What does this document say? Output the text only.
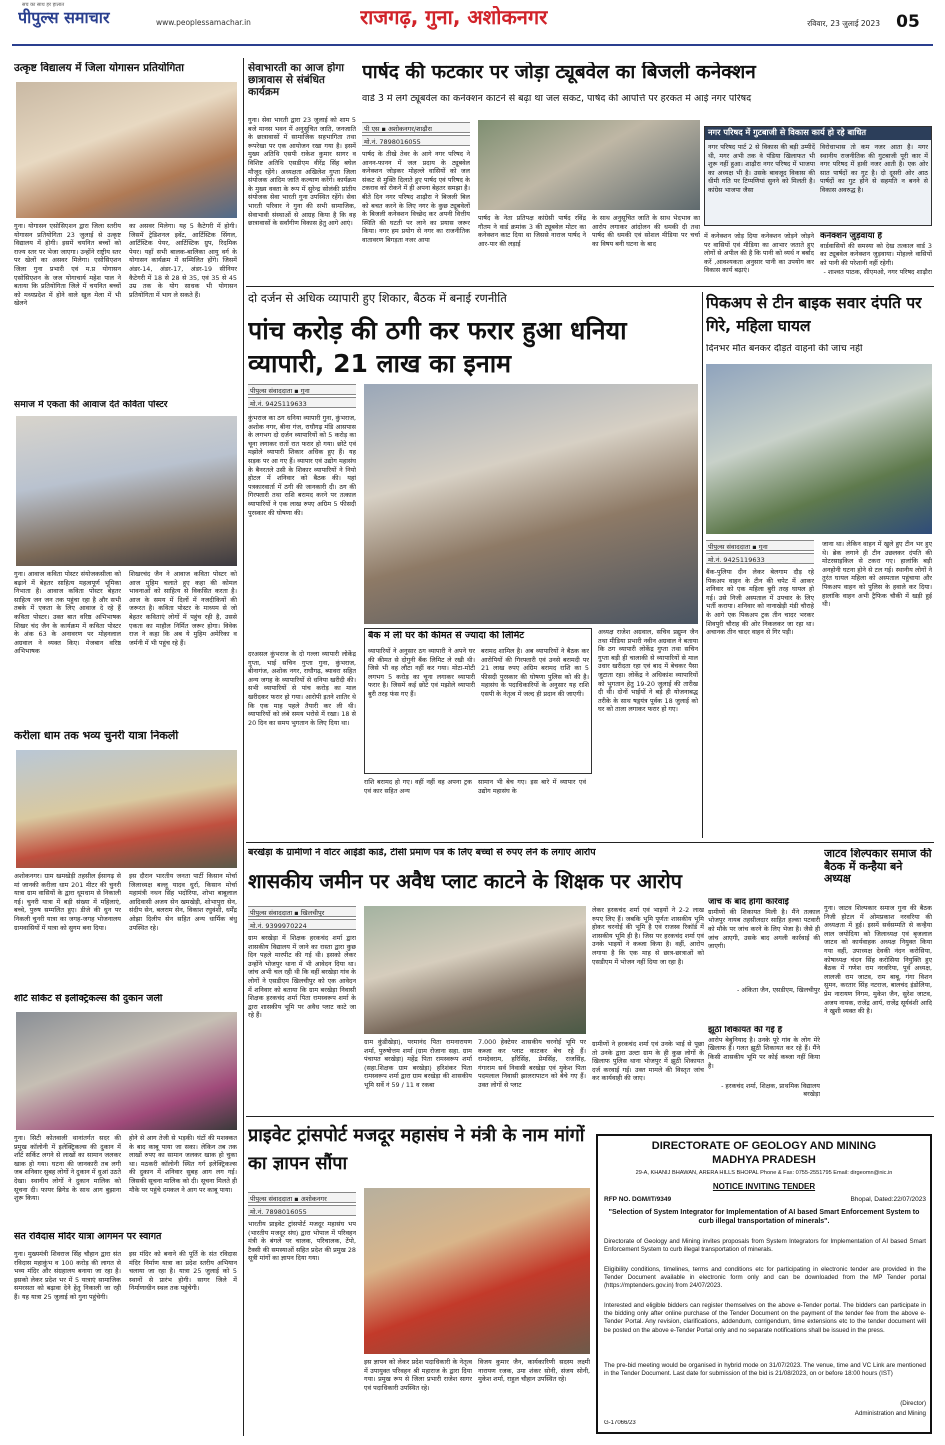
पीपुल्स समाचार
सच का साथ हर हालात
www.peoplessamachar.in	राजगढ़, गुना, अशोकनगर	रविवार, 23 जुलाई 2023 05
उत्कृष्ट विद्यालय में जिला योगासन प्रतियोगिता
गुना। योगासन एसोसिएशन द्वारा जिला स्तरीय योगासन प्रतियोगिता 23 जुलाई से उत्कृष्ट विद्यालय में होगी। इसमें चयनित बच्चों को राज्य स्तर पर भेजा जाएगा। उन्होंने राष्ट्रीय स्तर पर खेलों का असवर मिलेगा। एसोसिएशन जिला गुना प्रभारी एवं म.प्र योगासन एसोसिएशन के जज योगाचार्य महेश पाल ने बताया कि प्रतियोगिता जिले में चयनित बच्चों को मध्यप्रदेश में होने वाले खुल मेला में भी खेलने
का असवर मिलेगा। यह 5 कैटेगरी में होगी। जिसमें ट्रेडिशनल इवेंट, आर्टिस्टिक सिंगल, आर्टिस्टिक पेयर, आर्टिस्टिक ग्रुप, रिदमिक पेयर। यहाँ सभी बालक-बालिका आयु वर्ग के योगासन कार्यक्रम में सम्मिलित होंगे। जिसमें अंडर-14, अंडर-17, अंडर-19 सीनियर कैटेगरी में 18 से 28 से 35, एवं 35 से 45 उम्र तक के योग साधक भी योगासन प्रतियोगिता में भाग ले सकते हैं।
सेवाभारती का आज होगा छात्रावास से संबंधित कार्यक्रम
गुना। सेवा भारती द्वारा 23 जुलाई को शाम 5 बजे मानस भवन में अनुसूचित जाति, जनजाति के छात्रावासों में सामाजिक सहभागिता तथा रूपरेखा पर एक आयोजन रखा गया है। इसमें मुख्य अतिथि एसपी राकेश कुमार सागर व विशिष्ट अतिथि एसडीएम वीरेंद्र सिंह बघेल मौजूद रहेंगे। अध्यक्षता अखिलेश गुप्ता जिला संयोजक आदिम जाति कल्याण करेंगे। कार्यक्रम के मुख्य वक्ता के रूप में सुरेन्द्र सोलंकी प्रांतीय संयोजक सेवा भारती गुना उपस्थित रहेंगे। सेवा भारती परिवार ने गुना की सभी सामाजिक, सेवाभावी संस्थाओं से आग्रह किया है कि वह छात्रावासों के सर्वांगीण विकास हेतु आगे आएं।
पार्षद की फटकार पर जोड़ा ट्यूबवेल का बिजली कनेक्शन
वार्ड 3 में लगे ट्यूबवेल का कनेक्शन काटने से बढ़ा था जल संकट, पार्षद की आपत्ति पर हरकत में आई नगर परिषद
पी एस ▪ अशोकनगर/शाढ़ौरा
मो.नं. 7898016055
पार्षद के तीखे तेवर के आगे नगर परिषद ने आनन-फानन में जल प्रदाय के ट्यूबवेल कनेक्शन जोड़कर मोहल्ले वासियों को जल संकट से मुक्ति दिलाते हुए पार्षद एवं परिषद के टकराव को रोकने में ही अपना बेहतर समझा है। बीते दिन नगर परिषद शाढ़ौरा ने बिजली बिल को बचत करने के लिए नगर के कुछ ट्यूबवेलों के बिजली कनेक्शन विच्छेद कर अपनी वित्तीय स्थिति की घटती पर लाने का प्रयास जरूर किया। नगर हम प्रयोग से नगर का राजनीतिक वातावरण बिगड़ता नजर आया
पार्षद के नेता प्रतिपक्ष कांग्रेसी पार्षद रविंद्र गौतम ने वार्ड क्रमांक 3 की ट्यूबवेल मोटर का कनेक्शन काट दिया था जिससे नाराज पार्षद ने आर-पार की लड़ाई
के साथ अनुसूचित जाति के साथ भेदभाव का आरोप लगाकर आंदोलन की धमकी दी तथा पार्षद की धमकी एवं सोशल मीडिया पर चर्चा का विषय बनी घटना के बाद
नगर परिषद में गुटबाजी से विकास कार्य हो रहे बाधित
नगर परिषद पार्ट 2 से विकास की बड़ी उम्मीदें थी, मगर अभी तक वे पंडिया खिलाफत भी शुरू नहीं हुआ। शाढ़ौरा नगर परिषद में भाजपा का अध्यक्ष भी है। उसके बावजूद विकास की धीमी गति पर टिप्पणियां सुनने को मिलती है। कांग्रेस भाजपा जैसा
विरोधाभास तो कम नजर आता है। मगर स्थानीय राजनीतिक की गुटबाजी पूरी कार में नगर परिषद में हावी नजर आती है। एक ओर सात पार्षदों का गुट है। दो दूसरी ओर आठ पार्षदों का गुट होने से सहमति न बनने से विकास अवरुद्ध है।
में कनेक्शन जोड़ दिया कनेक्शन जोड़ने जोड़ने पर वासियों एवं मीडिया का आभार जताते हुए लोगों से अपील की है कि पानी को व्यर्थ न बर्बाद करें ,आवश्यकता अनुसार पानी का उपयोग कर विकास कार्य बढ़ाएं।
कनेक्शन जुड़वाया है
वार्डवासियों की समस्या को देख तत्काल वार्ड 3 का ट्यूबवेल कनेक्शन जुड़वाया। मोहल्ले वासियों को पानी की परेशानी नहीं रहेगी।
- शाश्वत पाठक, सीएमओ, नगर परिषद शाढ़ौरा
समाज में एकता की आवाज देते कविता पोस्टर
गुना। आवाज कविता पोस्टर संयोजकसीला को बढ़ाने में बेहतर साहित्य महत्वपूर्ण भूमिका निभाता है। आवाज कविता पोस्टर बेहतर साहित्य जन जन तक पहुंचा रहा है और सभी तबके में एकता के लिए आवाज दे रहे हैं कविता पोस्टर। उक्त बात वरिष्ठ अभिभाषक शिखर चंद जैन के कार्यक्रम में कविता पोस्टर के अंक 63 के अनावरण पर मोहनलाल अग्रवाल ने व्यक्त किए। मेजबान वरिष्ठ अभिभाषक
शिखरचंद जैन ने आवाज कविता पोस्टर को आज मुहिम चलाते हुए कहा की कोमल भावनाओं को साहित्य से विकसित करता है। आज के समय में दिलों में नजदीकियों की जरूरत है। कविता पोस्टर के माध्यम से जो बेहतर कविताएं लोगों में पहुंच रही है, उससे एकता का माहौल निर्मित जरूर होगा। विवेक राज ने कहा कि अब ये मुहिम अमेरिका व जर्मनी में भी पहुंच रहे हैं।
दो दर्जन से अधिक व्यापारी हुए शिकार, बैठक में बनाई रणनीति
पांच करोड़ की ठगी कर फरार हुआ धनिया व्यापारी, 21 लाख का इनाम
पीपुल्स संवाददाता ▪ गुना
मो.नं. 9425119633
कुंभराज का ठग धनिया व्यापारी गुना, कुंभराज, अशोक नगर, बीना गंज, राघौगढ़ मंडि आसपास के लगभग दो दर्जन व्यापारियों को 5 करोड़ का चूना लगाकर रातों रात फरार हो गया। छोटे एवं मझोले व्यापारी शिकार अधिक हुए हैं। यह सड़क पर आ गए हैं। व्यापार एवं उद्योग महासंघ के बैनरतले उसी के शिकार व्यापारियों ने नियो होटल में शनिवार को बैठक की। यहां पत्रकारवार्ता में ठगी की जानकारी दी। ठग की गिरफ्तारी तथा राशि बरामद करने पर तत्काल व्यापारियों ने एक लाख रुपए अग्रिम 5 फीसदी पुरस्कार की घोषणा की।
दरअसल कुंभराज के दो गल्ला व्यापारी लोकेंद्र गुप्ता, भाई सचिन गुप्ता गुना, कुंभराज, बीनागंज, अशोक नगर, राघौगढ़, ब्यावरा सहित अन्य जगह के व्यापारियों से धनिया खरीदी की। सभी व्यापारियों से पांच करोड़ का माल खरीदकर फरार हो गया। आरोपी इतने शातिर थे कि एक माह पहले तैयारी कर ली थी। व्यापारियों को लंबे समय भरोसे में रखा। 18 से 20 दिन का समय भुगतान के लिए दिया था।
बैंक में ली घर की कीमत से ज्यादा की लिमिट
व्यापारियों ने अनुसार ठग व्यापारी ने अपने घर की कीमत से दोगुनी बैंक लिमिट ले रखी थी। जिसे भी वह लौटा नहीं कर गया। मोटा-मोटी लगभग 5 करोड़ का चूना लगाकर व्यापारी फरार है। जिसमें कई छोटे एवं मझोले व्यापारी बुरी तरह फंस गए हैं।
बरामद शामिल है। अब व्यापारियों ने बैठक कर आरोपियों की गिरफ्तारी एवं उनसे बरामदी पर 21 लाख रुपए अग्रिम बरामद राशि का 5 फीसदी पुरस्कार की घोषणा पुलिस को की है। महासंघ के पदाधिकारियों के अनुसार यह राशि एसपी के नेतृत्व में जल्द ही प्रदान की जाएगी।
राशि बरामद हो गए। वहीं नहीं वह अपना ट्रक एवं कार सहित अन्य
सामान भी बेच गए। इस बारे में व्यापार एवं उद्योग महासंघ के
अध्यक्ष राजेश अग्रवाल, सचिव प्रद्युम्न जैन तथा मीडिया प्रभारी नवीन अग्रवाल ने बताया कि ठग व्यापारी लोकेंद्र गुप्ता तथा सचिन गुप्ता बड़ी ही चालाकी से व्यापारियों से माल उधार खरीदता रहा एवं बाद में बेचकर पैसा जुटाता रहा। लोकेंद्र ने अधिकांश व्यापारियों को भुगतान हेतु 19-20 जुलाई की तारीख दी थी। दोनों भाईयों ने बड़े ही योजनाबद्ध तरीके के साथ षड़्यंत्र पूर्वक 18 जुलाई को घर को ताला लगाकर फरार हो गए।
पिकअप से टीन बाइक सवार दंपति पर गिरे, महिला घायल
दिनभर मौत बनकर दौड़ते वाहनों की जांच नहीं
पीपुल्स संवाददाता ▪ गुना
मो.नं. 9425119633
बैंक-पुलिया दीन लेकर बेलगाम दौड़ रहे पिकअप वाहन के टीन की चपेट में आकर शनिवार को एक महिला बुरी तरह घायल हो गई। उसे निजी अस्पताल में उपचार के लिए भर्ती कराया। शनिवार को नानाखेड़ी मंडी चौराहे के आगे एक पिकअप ट्रक तीन चादर भरकर शिवपुरी चौराह की ओर निकलकर जा रहा था। अचानक तीन चादर वाहन से गिर पड़ी।
जाना था। लेकिन वाहन में खुले हुए टीन भर हुए थे। ब्रेक लगाने ही टीन उछलकर दंपति की मोटरसाइकिल से टकरा गए। हालांकि बड़ी अनहोनी घटना होने से टल गई। स्थानीय लोगों ने तुरंत घायल महिला को अस्पताल पहुंचाया और पिकअप वाहन को पुलिस के हवाले कर दिया। हालांकि वाहन अभी ट्रैफिक चौकी में खड़ी हुई थी।
करीला धाम तक भव्य चुनरी यात्रा निकली
अशोकनगर। ग्राम खमखेड़ी तहसील ईसागढ़ से मां जानकी करीला धाम 201 मीटर की चुनरी यात्रा ग्राम वासियों के द्वारा धूमधाम से निकाली गई। चुनरी यात्रा में बड़ी संख्या में महिलाएं, बच्चे, पुरुष सम्मलित हुए। डीजे की धुन पर निकली चुनरी यात्रा का जगह-जगह भोजनालय ग्रामवासियों में यात्रा को सुगम बना दिया।
इस दौरान भारतीय जनता पार्टी किसान मोर्चा जिलाध्यक्ष बल्लू यादव धुर्रा, किसान मोर्चा महामंत्री नथन सिंह भदोरिया, शोभा बाबूलाल आदिवासी अजय सेन खमखेड़ी, शोभापुरा सेन, संदीप सेन, बलराम सेन, विकाश रघुवंशी, धर्मेंद्र ओझा दिलीप सेन सहित अन्य धार्मिक बंधु उपस्थित रहे।
शॉर्ट सर्किट से इलेक्ट्रिकल्स की दुकान जली
गुना। सिटी कोतवाली थानांतर्गत सदर की प्रमुख कॉलोनी में इलेक्ट्रिकल्स की दुकान में शॉर्ट सर्किट लगने से लाखों का सामान जलकर खाक हो गया। घटना की जानकारी तब लगी जब शनिवार सुबह लोगों ने दुकान में धुआं उठते देखा। स्थानीय लोगों ने दुकान मालिक को सूचना दी। फायर ब्रिगेड के साथ आग बुझाना शुरू किया।
होने से आग तेजी से भड़की। घंटों की मशक्कत के बाद काबू पाया जा सका। लेकिन तब तक लाखों रुपए का सामान जलकर खाक हो चुका था। मठकरी कॉलोनी स्थित गर्ग इलेक्ट्रिकल्स की दुकान में शनिवार सुबह आग लग गई। जिसकी सूचना मालिक को दी। सूचना मिलते ही मौके पर पहुंचे दमकल ने आग पर काबू पाया।
संत रविदास मंदिर यात्रा आगमन पर स्वागत
गुना। मुख्यमंत्री शिवराज सिंह चौहान द्वारा संत रविदास महाकुंभ व 100 करोड़ की लागत से भव्य मंदिर और संग्रहालय बनाया जा रहा है। इसको लेकर प्रदेश भर में 5 यात्राएं सामाजिक समरसता को बढ़ावा देने हेतु निकाली जा रही हैं। यह यात्रा 25 जुलाई को गुना पहुंचेगी।
इस मंदिर को बनाने की पूर्ति के संत रविदास मंदिर निर्माण यात्रा का प्रदेश स्तरीय अभियान चलाया जा रहा है। यात्रा 25 जुलाई को 5 स्थानों से प्रारंभ होगी। सागर जिले में निर्माणाधीन स्थल तक पहुंचेगी।
बरखेड़ा के ग्रामीणों ने वोटर आईडी कार्ड, टीसी प्रमाण पत्र के लिए बच्चों से रुपए लेने के लगाए आरोप
शासकीय जमीन पर अवैध प्लाट काटने के शिक्षक पर आरोप
पीपुल्स संवाददाता ▪ खिलचीपुर
मो.नं. 9399970224
ग्राम बरखेड़ा में शिक्षक हरकचंद शर्मा द्वारा शासकीय विद्यालय में जाने का रास्ता द्वारा कुछ दिन पहले मारपीट की गई थी। इसको लेकर उन्होंने भोजपुर थाना में भी आवेदन दिया था। जांच अभी चल रही थी कि वहीं बरखेड़ा गांव के लोगों ने एसडीएम खिलचीपुर को एक आवेदन में शनिवार को बताया कि ग्राम बरखेड़ा निवासी शिक्षक हरकचंद शर्मा पिता रामस्वरूप शर्मा के द्वारा शासकीय भूमि पर अवैध प्लाट काटे जा रहे हैं।
ग्राम कुंडीखेड़ा), परमानंद पिता रामनारायण शर्मा, पुरुषोत्तम शर्मा (ग्राम रोजाना सहा. ग्राम पंचायत बरखेड़ा) महेंद्र पिता रामस्वरूप शर्मा (सहा.शिक्षक ग्राम बरखेड़ा) हरिशंकर पिता रामस्वरूप शर्मा द्वारा ग्राम बरखेड़ा की शासकीय भूमि सर्वे नं 59 / 11 व रकबा
7.000 हेक्टेयर शासकीय चरनोई भूमि पर कब्जा कर प्लाट काटकर बेच रहे हैं। रामदेवराम, हरिसिंह, प्रेमसिंह, राजसिंह, गंगाराम सर्व निवासी बरखेड़ा एवं मुकेश पिता पदमलाल निवासी झालरापाटन को बेचे गए हैं। उक्त लोगों से प्लाट
लेकर हरकचंद शर्मा एवं भाइयों ने 2-2 लाख रुपए लिए हैं। जबकि भूमि पूर्णतः शासकीय भूमि होकर चरनोई की भूमि है एवं राजस्व रिकॉर्ड में शासकीय भूमि ही है। जिस पर हरकचंद शर्मा एवं उनके भाइयों ने कब्जा किया है। वहीं, आरोप लगाया है कि एक माह से छात्र-छात्राओं को एसडीएम में भोजन नहीं दिया जा रहा है।
ग्रामीणों ने हरकचंद शर्मा एवं उनके भाई से पूछा तो उनके द्वारा उल्टा ग्राम के ही कुछ लोगों के खिलाफ पुलिस थाना भोजपुर में झूठी शिकायत दर्ज करवाई गई। उक्त मामले की विस्तृत जांच कर कार्यवाही की जाए।
जांच के बाद होगी कार्रवाई
ग्रामीणों की शिकायत मिली है। मैंने तत्काल भोजपुर नायब तहसीलदार साहित हल्का पटवारी को मौके पर जांच करने के लिए भेजा है। जैसे ही जांच आएगी, उसके बाद अगली कार्रवाई की जाएगी।
- अंकिता जैन, एसडीएम, खिलचीपुर
झूठी शिकायत की गई है
आरोप बेबुनियाद है। उनके पूरे गांव के लोग मेरे खिलाफ हैं। गलत झूठी शिकायत कर रहे हैं। मैंने किसी शासकीय भूमि पर कोई कब्जा नहीं किया है।
- हरकचंद शर्मा, शिक्षक, प्राथमिक विद्यालय बरखेड़ा
जाटव शिल्पकार समाज की बैठक में कन्हैया बने अध्यक्ष
गुना। जाटव शिल्पकार समाज गुना की बैठक निजी होटल में ओमप्रकाश नरवरिया की अध्यक्षता में हुई। इसमें सर्वसम्मति से कन्हैया लाल जयोदिया को जिलाध्यक्ष एवं बृजलाल जाटव को कार्यवाहक अध्यक्ष नियुक्त किया गया वहीं, उपाध्यक्ष देवकी नंदन करोसिया, कोषाध्यक्ष चंदन सिंह करोसिया नियुक्ति हुए बैठक में गणेश राम नरवरिया, पूर्व अध्यक्ष, लालजी राम जाटव, राम बाबू, गंगा विशन सुमन, करतार सिंह नटराज, बालचंद इंडोलिया, प्रेम नारायण निगम, मुकेश जैन, सुरेश जाटव, अजय नायक, राजेंद्र आर्य, राजेंद्र सूर्यवंशी आदि ने खुशी व्यक्त की है।
प्राइवेट ट्रांसपोर्ट मजदूर महासंघ ने मंत्री के नाम मांगों का ज्ञापन सौंपा
पीपुल्स संवाददाता ▪ अशोकनगर
मो.नं. 7898016055
भारतीय प्राइवेट ट्रांसपोर्ट मजदूर महासंघ भप (भारतीय मजदूर संघ) द्वारा भोपाल में परिवहन मंत्री के बंगले पर चालक, परिचालक, टेंपो, टैक्सी की समस्याओं सहित प्रदेश की प्रमुख 28 सूत्री मांगों का ज्ञापन दिया गया।
इस ज्ञापन को लेकर प्रदेश पदाधिकारी के नेतृत्व में उपायुक्त परिवहन श्री महाराज के द्वारा दिया गया। प्रमुख रूप से जिला प्रभारी राजेश सागर एवं पदाधिकारी उपस्थित रहे।
विजय कुमार जैन, कार्यकारिणी सदस्य लक्ष्मी नारायण रजक, उमा शंकर सोनी, संजय सोनी, मुकेश शर्मा, राहुल चौहान उपस्थित रहे।
DIRECTORATE OF GEOLOGY AND MINING
MADHYA PRADESH
29-A, KHANIJ BHAWAN, ARERA HILLS BHOPAL Phone & Fax: 0755-2551795 Email: dirgeomn@nic.in
NOTICE INVITING TENDER
RFP NO. DGM/IT/9349	Bhopal, Dated:22/07/2023
"Selection of System Integrator for Implementation of AI based Smart Enforcement System to curb illegal transportation of minerals".
Directorate of Geology and Mining invites proposals from System Integrators for Implementation of AI based Smart Enforcement System to curb illegal transportation of minerals.
Eligibility conditions, timelines, terms and conditions etc for participating in electronic tender are provided in the Tender Document available in electronic form only and can be downloaded from the MP Tender portal (https://mptenders.gov.in) from 24/07/2023.
Interested and eligible bidders can register themselves on the above e-Tender portal. The bidders can participate in the bidding only after online purchase of the Tender Document on the payment of the tender fee from the above e-Tender Portal. Any revision, clarifications, addendum, corrigendum, time extensions etc to the tender document will be posted on the above e-Tender Portal only and no separate notifications shall be issued in the press.
The pre-bid meeting would be organised in hybrid mode on 31/07/2023. The venue, time and VC Link are mentioned in the Tender Document. Last date for submission of the bid is 21/08/2023, on or before 18:00 hours (IST)
(Director)
Administration and Mining
G-17066/23
